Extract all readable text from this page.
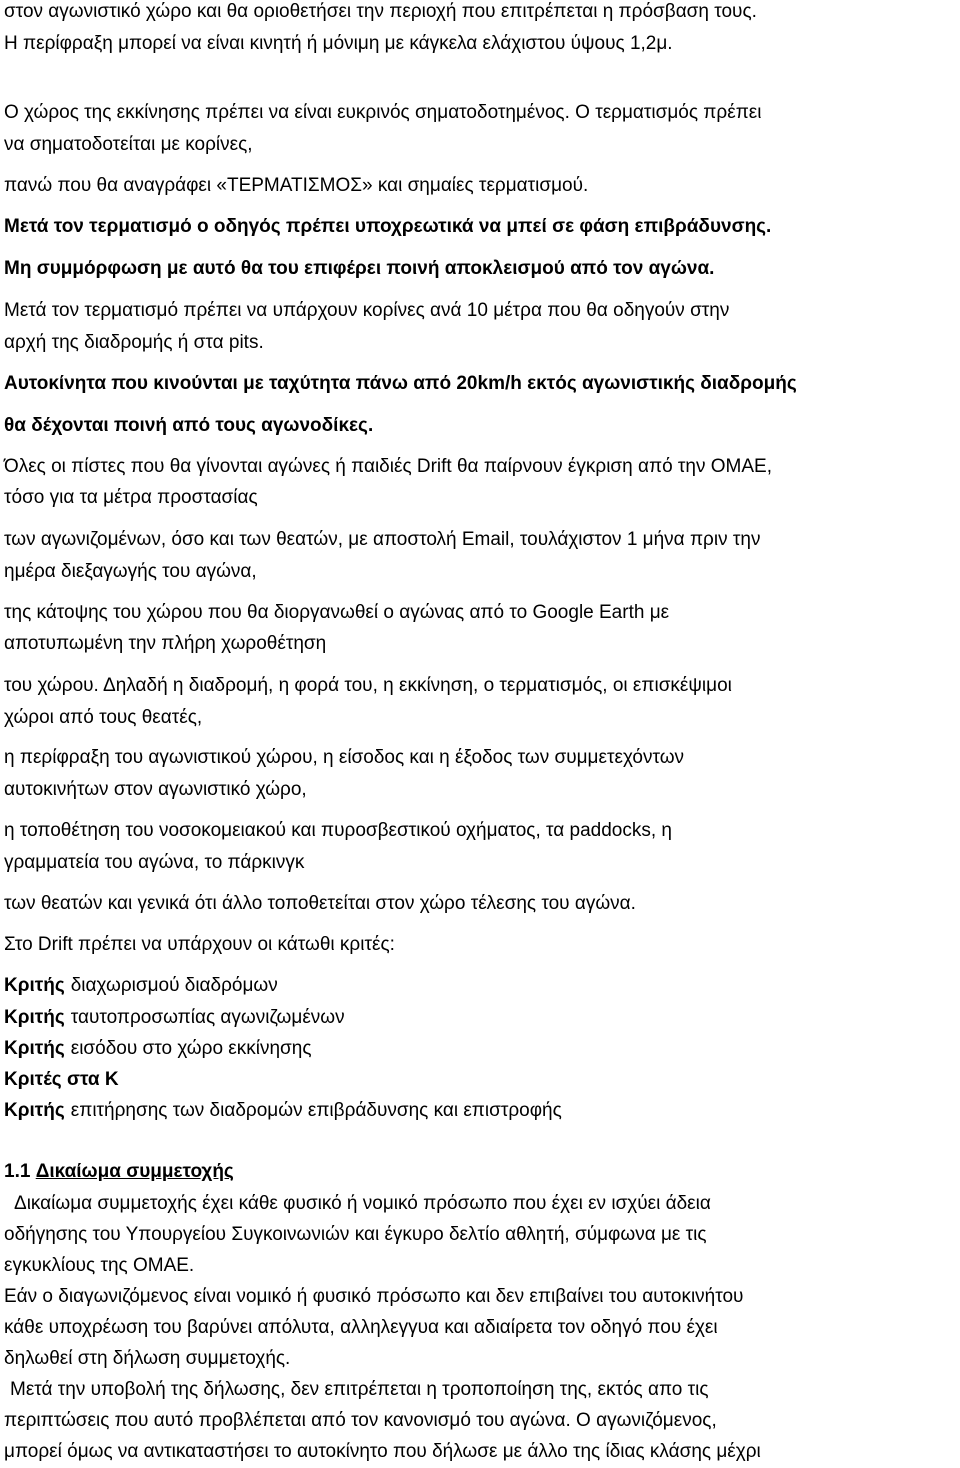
στον αγωνιστικό χώρο και θα οριοθετήσει την περιοχή που επιτρέπεται η πρόσβαση τους.
Η περίφραξη μπορεί να είναι κινητή ή μόνιμη με κάγκελα ελάχιστου ύψους 1,2μ.
Ο χώρος της εκκίνησης πρέπει να είναι ευκρινός σηματοδοτημένος. Ο τερματισμός πρέπει
να σηματοδοτείται με κορίνες,
πανώ που θα αναγράφει «ΤΕΡΜΑΤΙΣΜΟΣ» και σημαίες τερματισμού.
Μετά τον τερματισμό ο οδηγός πρέπει υποχρεωτικά να μπεί σε φάση επιβράδυνσης.
Μη συμμόρφωση με αυτό θα του επιφέρει ποινή αποκλεισμού από τον αγώνα.
Μετά τον τερματισμό πρέπει να υπάρχουν κορίνες ανά 10 μέτρα που θα οδηγούν στην
αρχή της διαδρομής ή στα pits.
Αυτοκίνητα που κινούνται με ταχύτητα πάνω από 20km/h εκτός αγωνιστικής διαδρομής
θα δέχονται ποινή από τους αγωνοδίκες.
Όλες οι πίστες που θα γίνονται αγώνες ή παιδιές Drift θα παίρνουν έγκριση από την ΟΜΑΕ,
τόσο για τα μέτρα προστασίας
των αγωνιζομένων, όσο και των θεατών, με αποστολή Email, τουλάχιστον 1 μήνα πριν την
ημέρα διεξαγωγής του αγώνα,
της κάτοψης του χώρου που θα διοργανωθεί ο αγώνας από το Google Earth με
αποτυπωμένη την πλήρη χωροθέτηση
του χώρου. Δηλαδή η διαδρομή, η φορά του, η εκκίνηση, ο τερματισμός, οι επισκέψιμοι
χώροι από τους θεατές,
η περίφραξη του αγωνιστικού χώρου, η είσοδος και η έξοδος των συμμετεχόντων
αυτοκινήτων στον αγωνιστικό χώρο,
η τοποθέτηση του νοσοκομειακού και πυροσβεστικού οχήματος, τα paddocks, η
γραμματεία του αγώνα, το πάρκινγκ
των θεατών και γενικά ότι άλλο τοποθετείται στον χώρο τέλεσης του αγώνα.
Στο Drift πρέπει να υπάρχουν οι κάτωθι κριτές:
Κριτής διαχωρισμού διαδρόμων
Κριτής ταυτοπροσωπίας αγωνιζωμένων
Κριτής εισόδου στο χώρο εκκίνησης
Κριτές στα Κ
Κριτής επιτήρησης των διαδρομών επιβράδυνσης και επιστροφής
1.1 Δικαίωμα συμμετοχής
Δικαίωμα συμμετοχής έχει κάθε φυσικό ή νομικό πρόσωπο που έχει εν ισχύει άδεια
οδήγησης του Υπουργείου Συγκοινωνιών και έγκυρο δελτίο αθλητή, σύμφωνα με τις
εγκυκλίους της ΟΜΑΕ.
Εάν ο διαγωνιζόμενος είναι νομικό ή φυσικό πρόσωπο και δεν επιβαίνει του αυτοκινήτου
κάθε υποχρέωση του βαρύνει απόλυτα, αλληλεγγυα και αδιαίρετα τον οδηγό που έχει
δηλωθεί στη δήλωση συμμετοχής.
Μετά την υποβολή της δήλωσης, δεν επιτρέπεται η τροποποίηση της, εκτός απο τις
περιπτώσεις που αυτό προβλέπεται από τον κανονισμό του αγώνα. Ο αγωνιζόμενος,
μπορεί όμως να αντικαταστήσει το αυτοκίνητο που δήλωσε με άλλο της ίδιας κλάσης μέχρι
